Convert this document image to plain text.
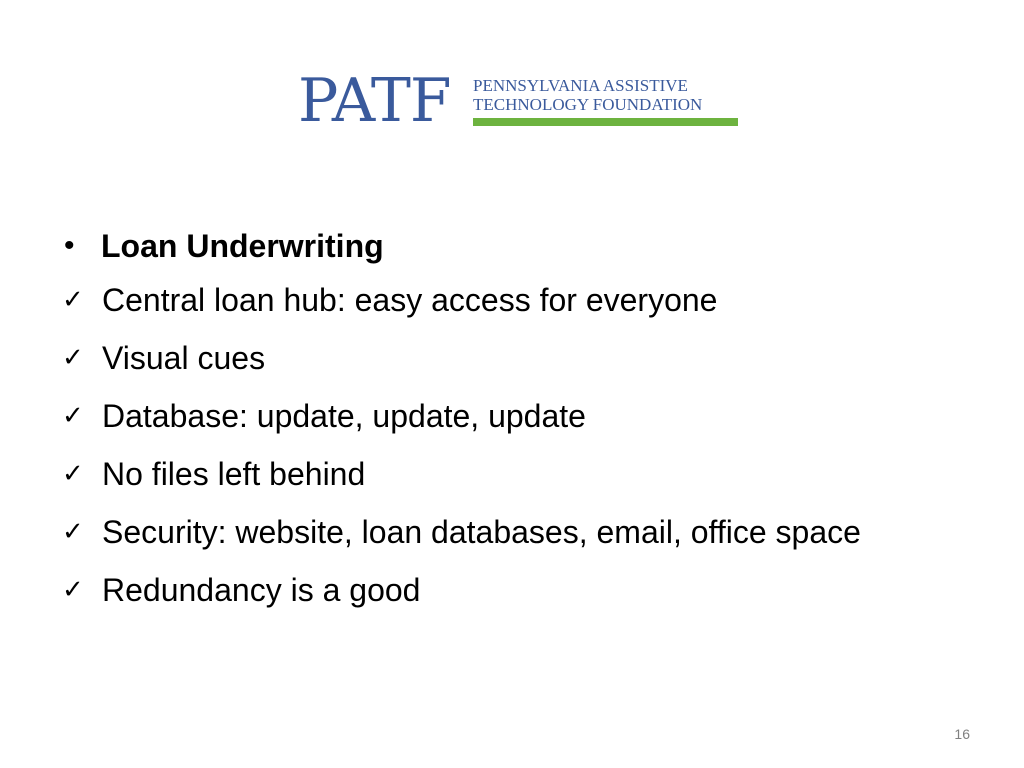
PATF PENNSYLVANIA ASSISTIVE
TECHNOLOGY FOUNDATION
• Loan Underwriting
✓ Central loan hub: easy access for everyone
✓ Visual cues
✓ Database: update, update, update
✓ No files left behind
✓ Security: website, loan databases, email, office space
✓ Redundancy is a good
16
